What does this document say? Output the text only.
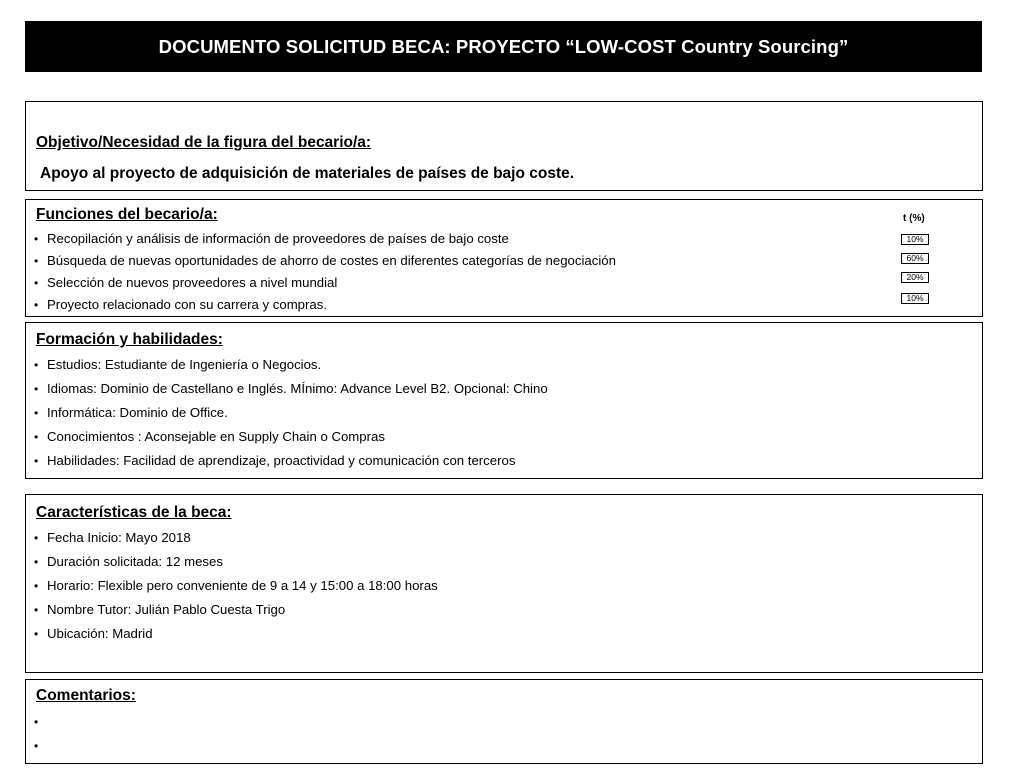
DOCUMENTO SOLICITUD BECA: PROYECTO “LOW-COST Country Sourcing”
Objetivo/Necesidad de la figura del becario/a:
Apoyo al proyecto de adquisición de materiales de países de bajo coste.
Funciones del becario/a:	t (%)
• Recopilación y análisis de información de proveedores de países de bajo coste
• Búsqueda de nuevas oportunidades de ahorro de costes en diferentes categorías de negociación
• Selección de nuevos proveedores a nivel mundial
• Proyecto relacionado con su carrera y compras.
10%
60%
20%
10%
Formación y habilidades:
• Estudios: Estudiante de Ingeniería o Negocios.
• Idiomas: Dominio de Castellano e Inglés. MÍnimo: Advance Level B2. Opcional: Chino
• Informática: Dominio de Office.
• Conocimientos : Aconsejable en Supply Chain o Compras
• Habilidades: Facilidad de aprendizaje, proactividad y comunicación con terceros
Características de la beca:
• Fecha Inicio: Mayo 2018
• Duración solicitada: 12 meses
• Horario: Flexible pero conveniente de 9 a 14 y 15:00 a 18:00 horas
• Nombre Tutor: Julián Pablo Cuesta Trigo
• Ubicación: Madrid
Comentarios:
•
•
